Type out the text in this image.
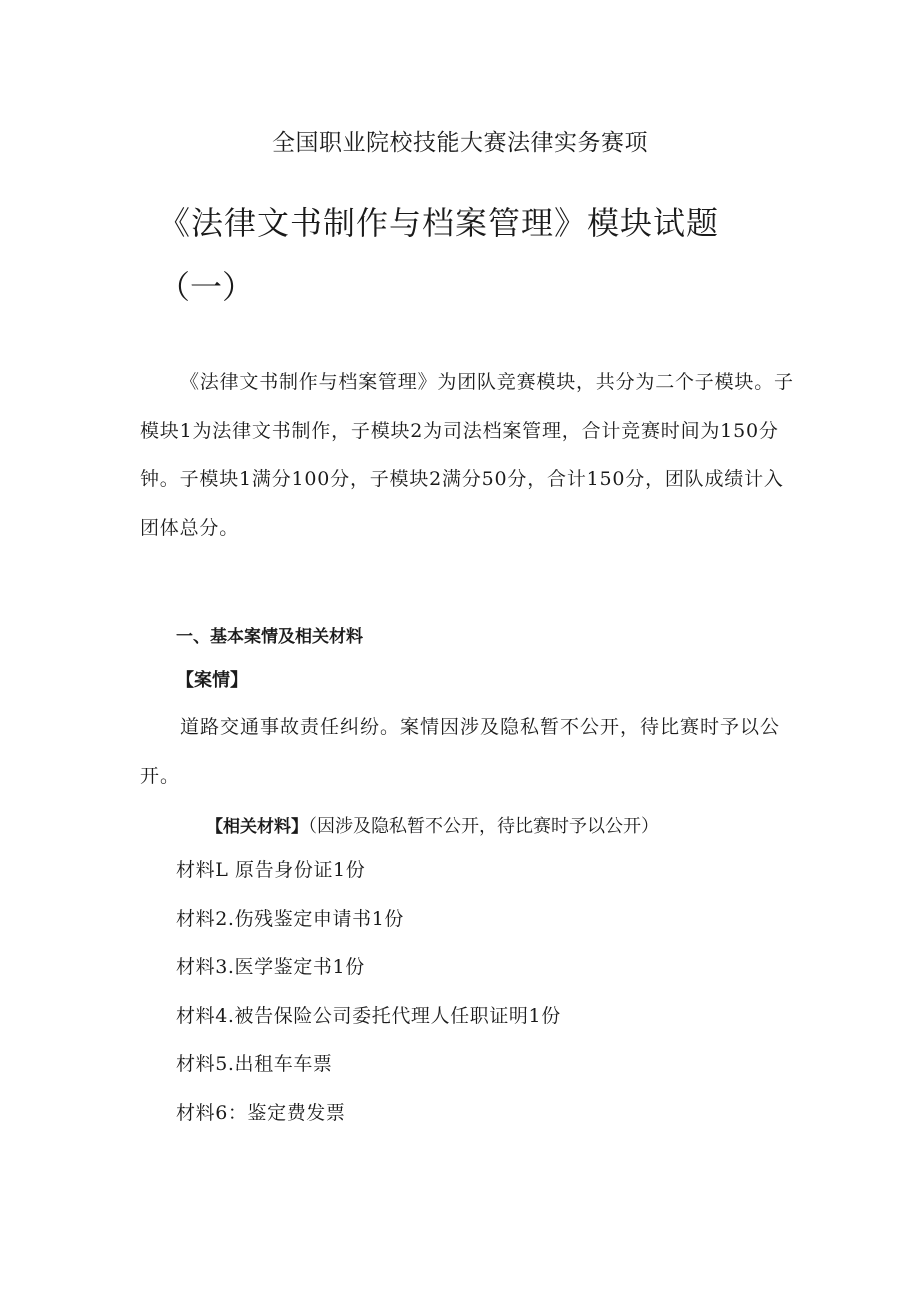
全国职业院校技能大赛法律实务赛项

《法律文书制作与档案管理》模块试题

（一）

《法律文书制作与档案管理》为团队竞赛模块，共分为二个子模块。子模块1为法律文书制作，子模块2为司法档案管理，合计竞赛时间为150分钟。子模块1满分100分，子模块2满分50分，合计150分，团队成绩计入团体总分。

一、基本案情及相关材料

【案情】

道路交通事故责任纠纷。案情因涉及隐私暂不公开，待比赛时予以公开。

【相关材料】（因涉及隐私暂不公开，待比赛时予以公开）

材料L 原告身份证1份
材料2.伤残鉴定申请书1份
材料3.医学鉴定书1份
材料4.被告保险公司委托代理人任职证明1份
材料5.出租车车票
材料6：鉴定费发票
